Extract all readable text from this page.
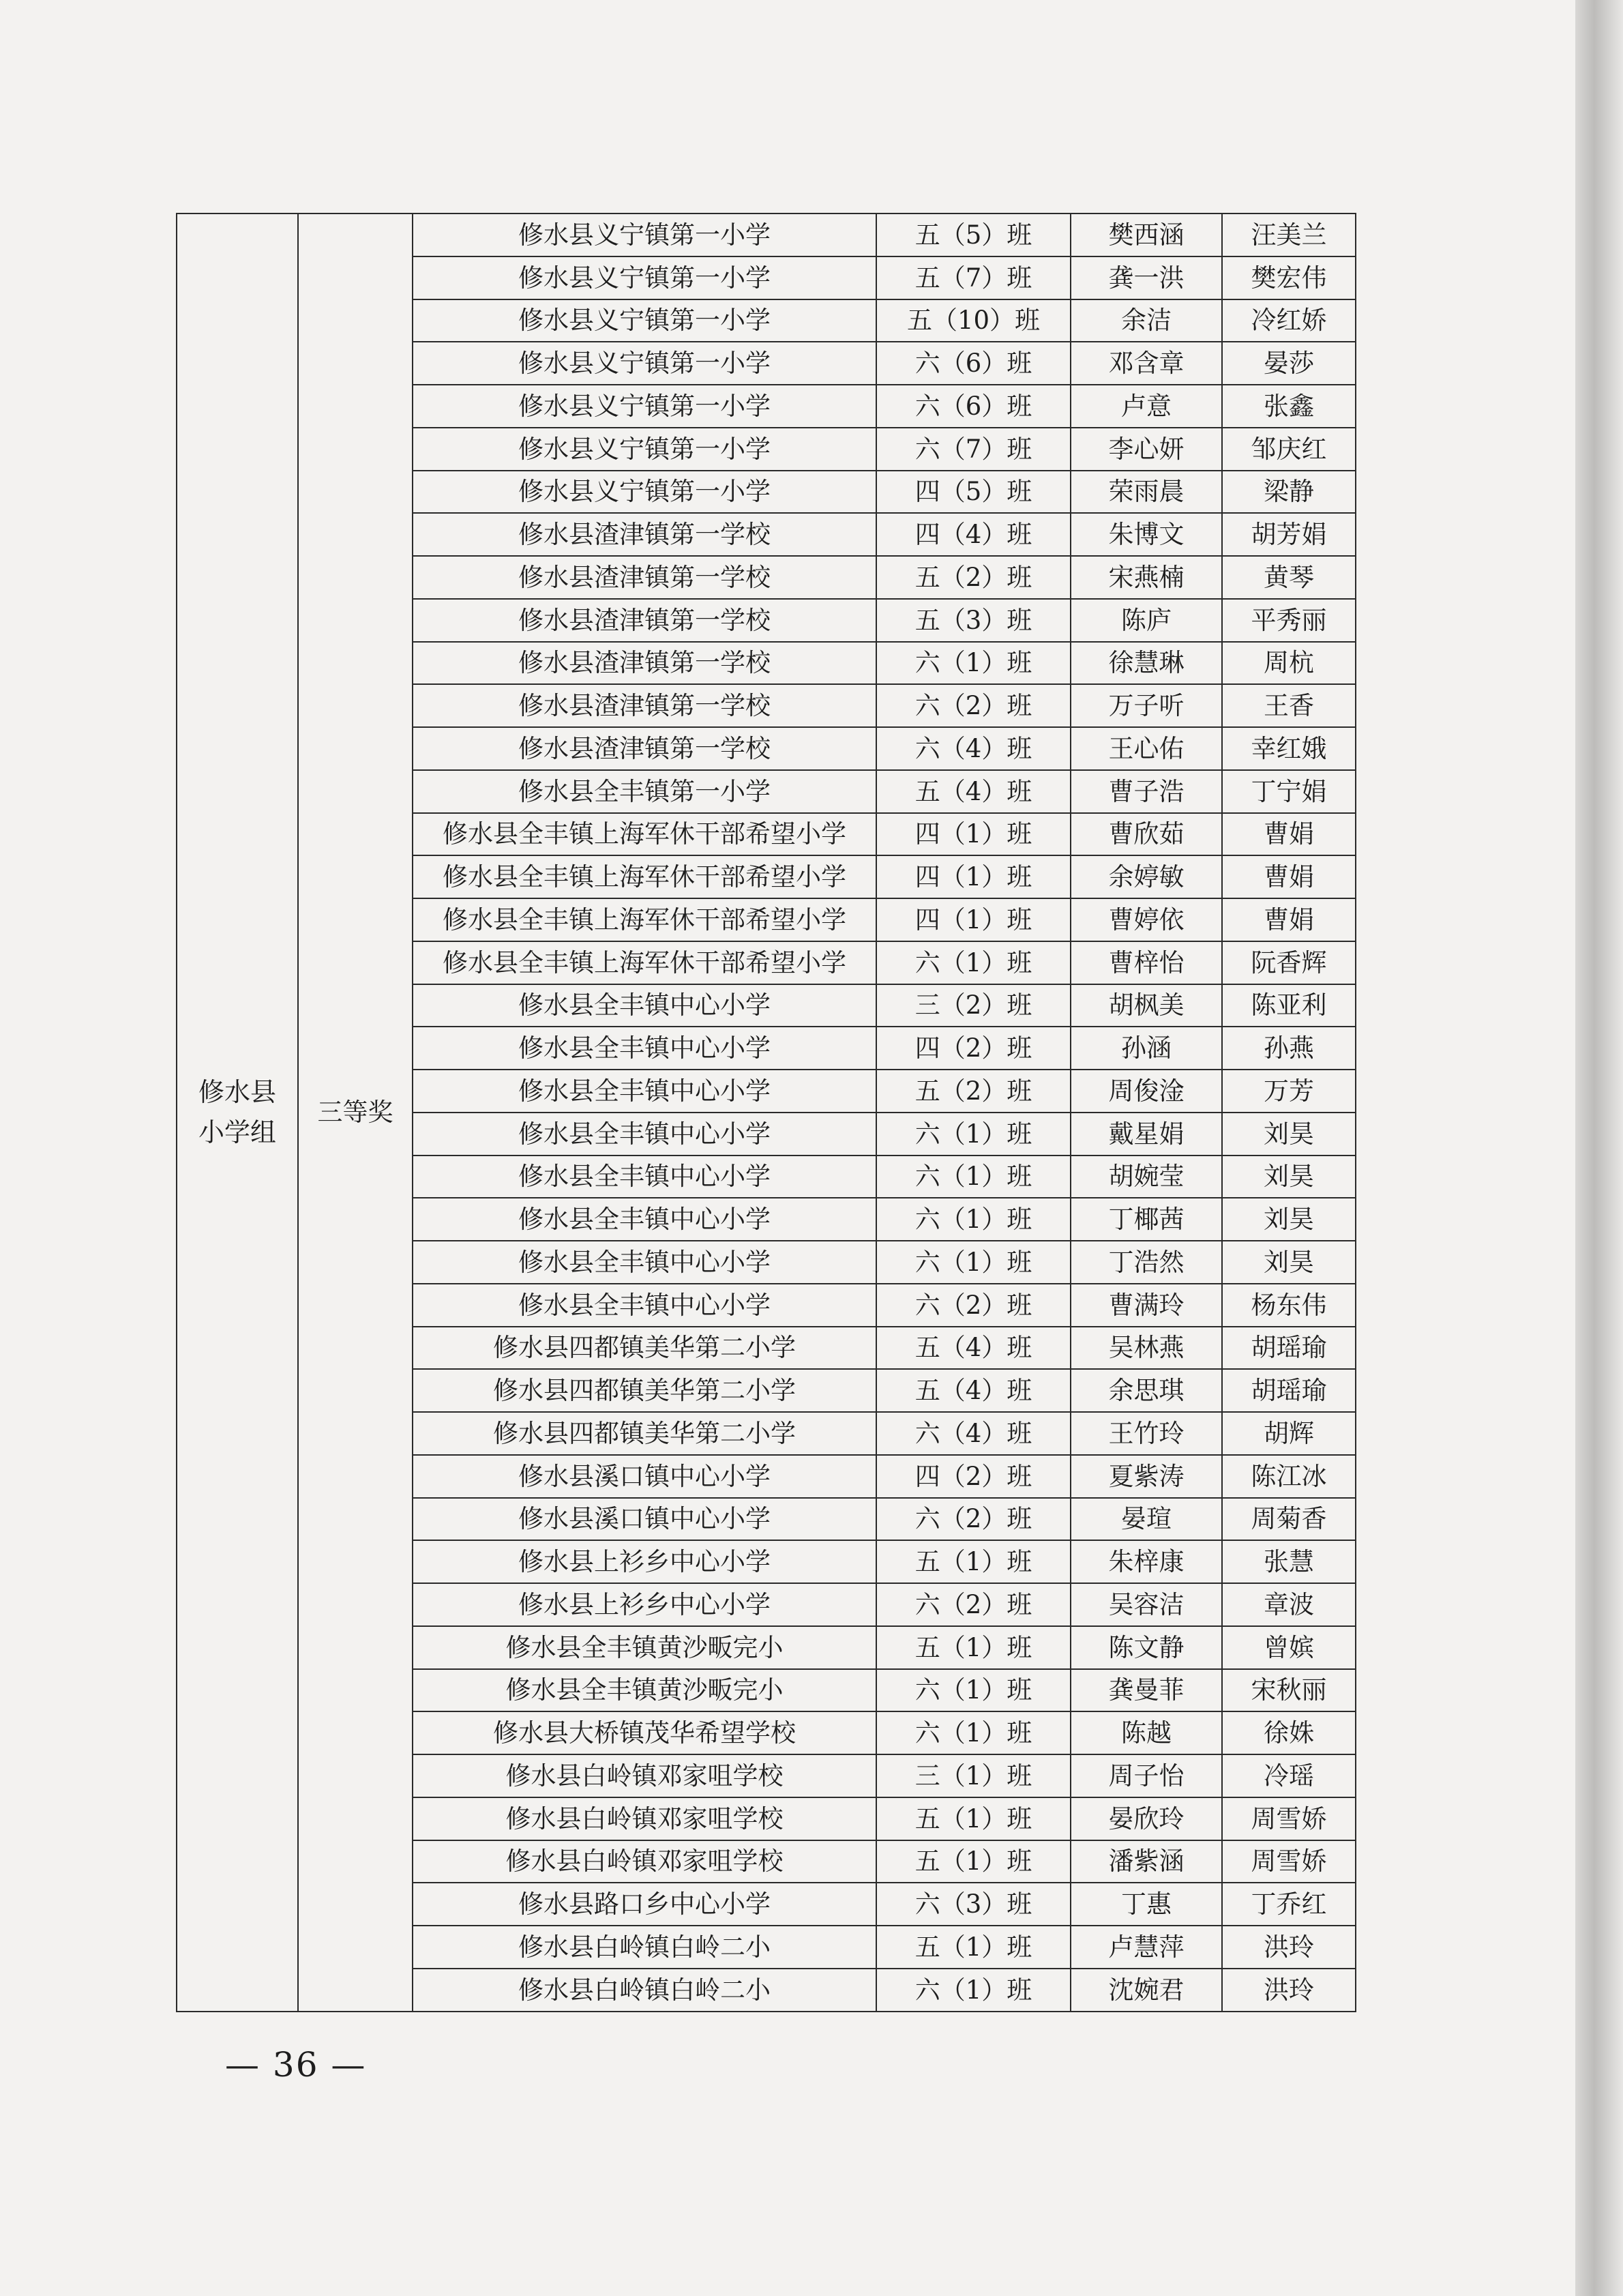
修水县
小学组	三等奖	修水县义宁镇第一小学	五（5）班	樊西涵	汪美兰
		修水县义宁镇第一小学	五（7）班	龚一洪	樊宏伟
		修水县义宁镇第一小学	五（10）班	余洁	冷红娇
		修水县义宁镇第一小学	六（6）班	邓含章	晏莎
		修水县义宁镇第一小学	六（6）班	卢意	张鑫
		修水县义宁镇第一小学	六（7）班	李心妍	邹庆红
		修水县义宁镇第一小学	四（5）班	荣雨晨	梁静
		修水县渣津镇第一学校	四（4）班	朱博文	胡芳娟
		修水县渣津镇第一学校	五（2）班	宋燕楠	黄琴
		修水县渣津镇第一学校	五（3）班	陈庐	平秀丽
		修水县渣津镇第一学校	六（1）班	徐慧琳	周杭
		修水县渣津镇第一学校	六（2）班	万子听	王香
		修水县渣津镇第一学校	六（4）班	王心佑	幸红娥
		修水县全丰镇第一小学	五（4）班	曹子浩	丁宁娟
		修水县全丰镇上海军休干部希望小学	四（1）班	曹欣茹	曹娟
		修水县全丰镇上海军休干部希望小学	四（1）班	余婷敏	曹娟
		修水县全丰镇上海军休干部希望小学	四（1）班	曹婷依	曹娟
		修水县全丰镇上海军休干部希望小学	六（1）班	曹梓怡	阮香辉
		修水县全丰镇中心小学	三（2）班	胡枫美	陈亚利
		修水县全丰镇中心小学	四（2）班	孙涵	孙燕
		修水县全丰镇中心小学	五（2）班	周俊淦	万芳
		修水县全丰镇中心小学	六（1）班	戴星娟	刘昊
		修水县全丰镇中心小学	六（1）班	胡婉莹	刘昊
		修水县全丰镇中心小学	六（1）班	丁椰茜	刘昊
		修水县全丰镇中心小学	六（1）班	丁浩然	刘昊
		修水县全丰镇中心小学	六（2）班	曹满玲	杨东伟
		修水县四都镇美华第二小学	五（4）班	吴林燕	胡瑶瑜
		修水县四都镇美华第二小学	五（4）班	余思琪	胡瑶瑜
		修水县四都镇美华第二小学	六（4）班	王竹玲	胡辉
		修水县溪口镇中心小学	四（2）班	夏紫涛	陈江冰
		修水县溪口镇中心小学	六（2）班	晏瑄	周菊香
		修水县上衫乡中心小学	五（1）班	朱梓康	张慧
		修水县上衫乡中心小学	六（2）班	吴容洁	章波
		修水县全丰镇黄沙畈完小	五（1）班	陈文静	曾嫔
		修水县全丰镇黄沙畈完小	六（1）班	龚曼菲	宋秋丽
		修水县大桥镇茂华希望学校	六（1）班	陈越	徐姝
		修水县白岭镇邓家咀学校	三（1）班	周子怡	冷瑶
		修水县白岭镇邓家咀学校	五（1）班	晏欣玲	周雪娇
		修水县白岭镇邓家咀学校	五（1）班	潘紫涵	周雪娇
		修水县路口乡中心小学	六（3）班	丁惠	丁乔红
		修水县白岭镇白岭二小	五（1）班	卢慧萍	洪玲
		修水县白岭镇白岭二小	六（1）班	沈婉君	洪玲
— 36 —
